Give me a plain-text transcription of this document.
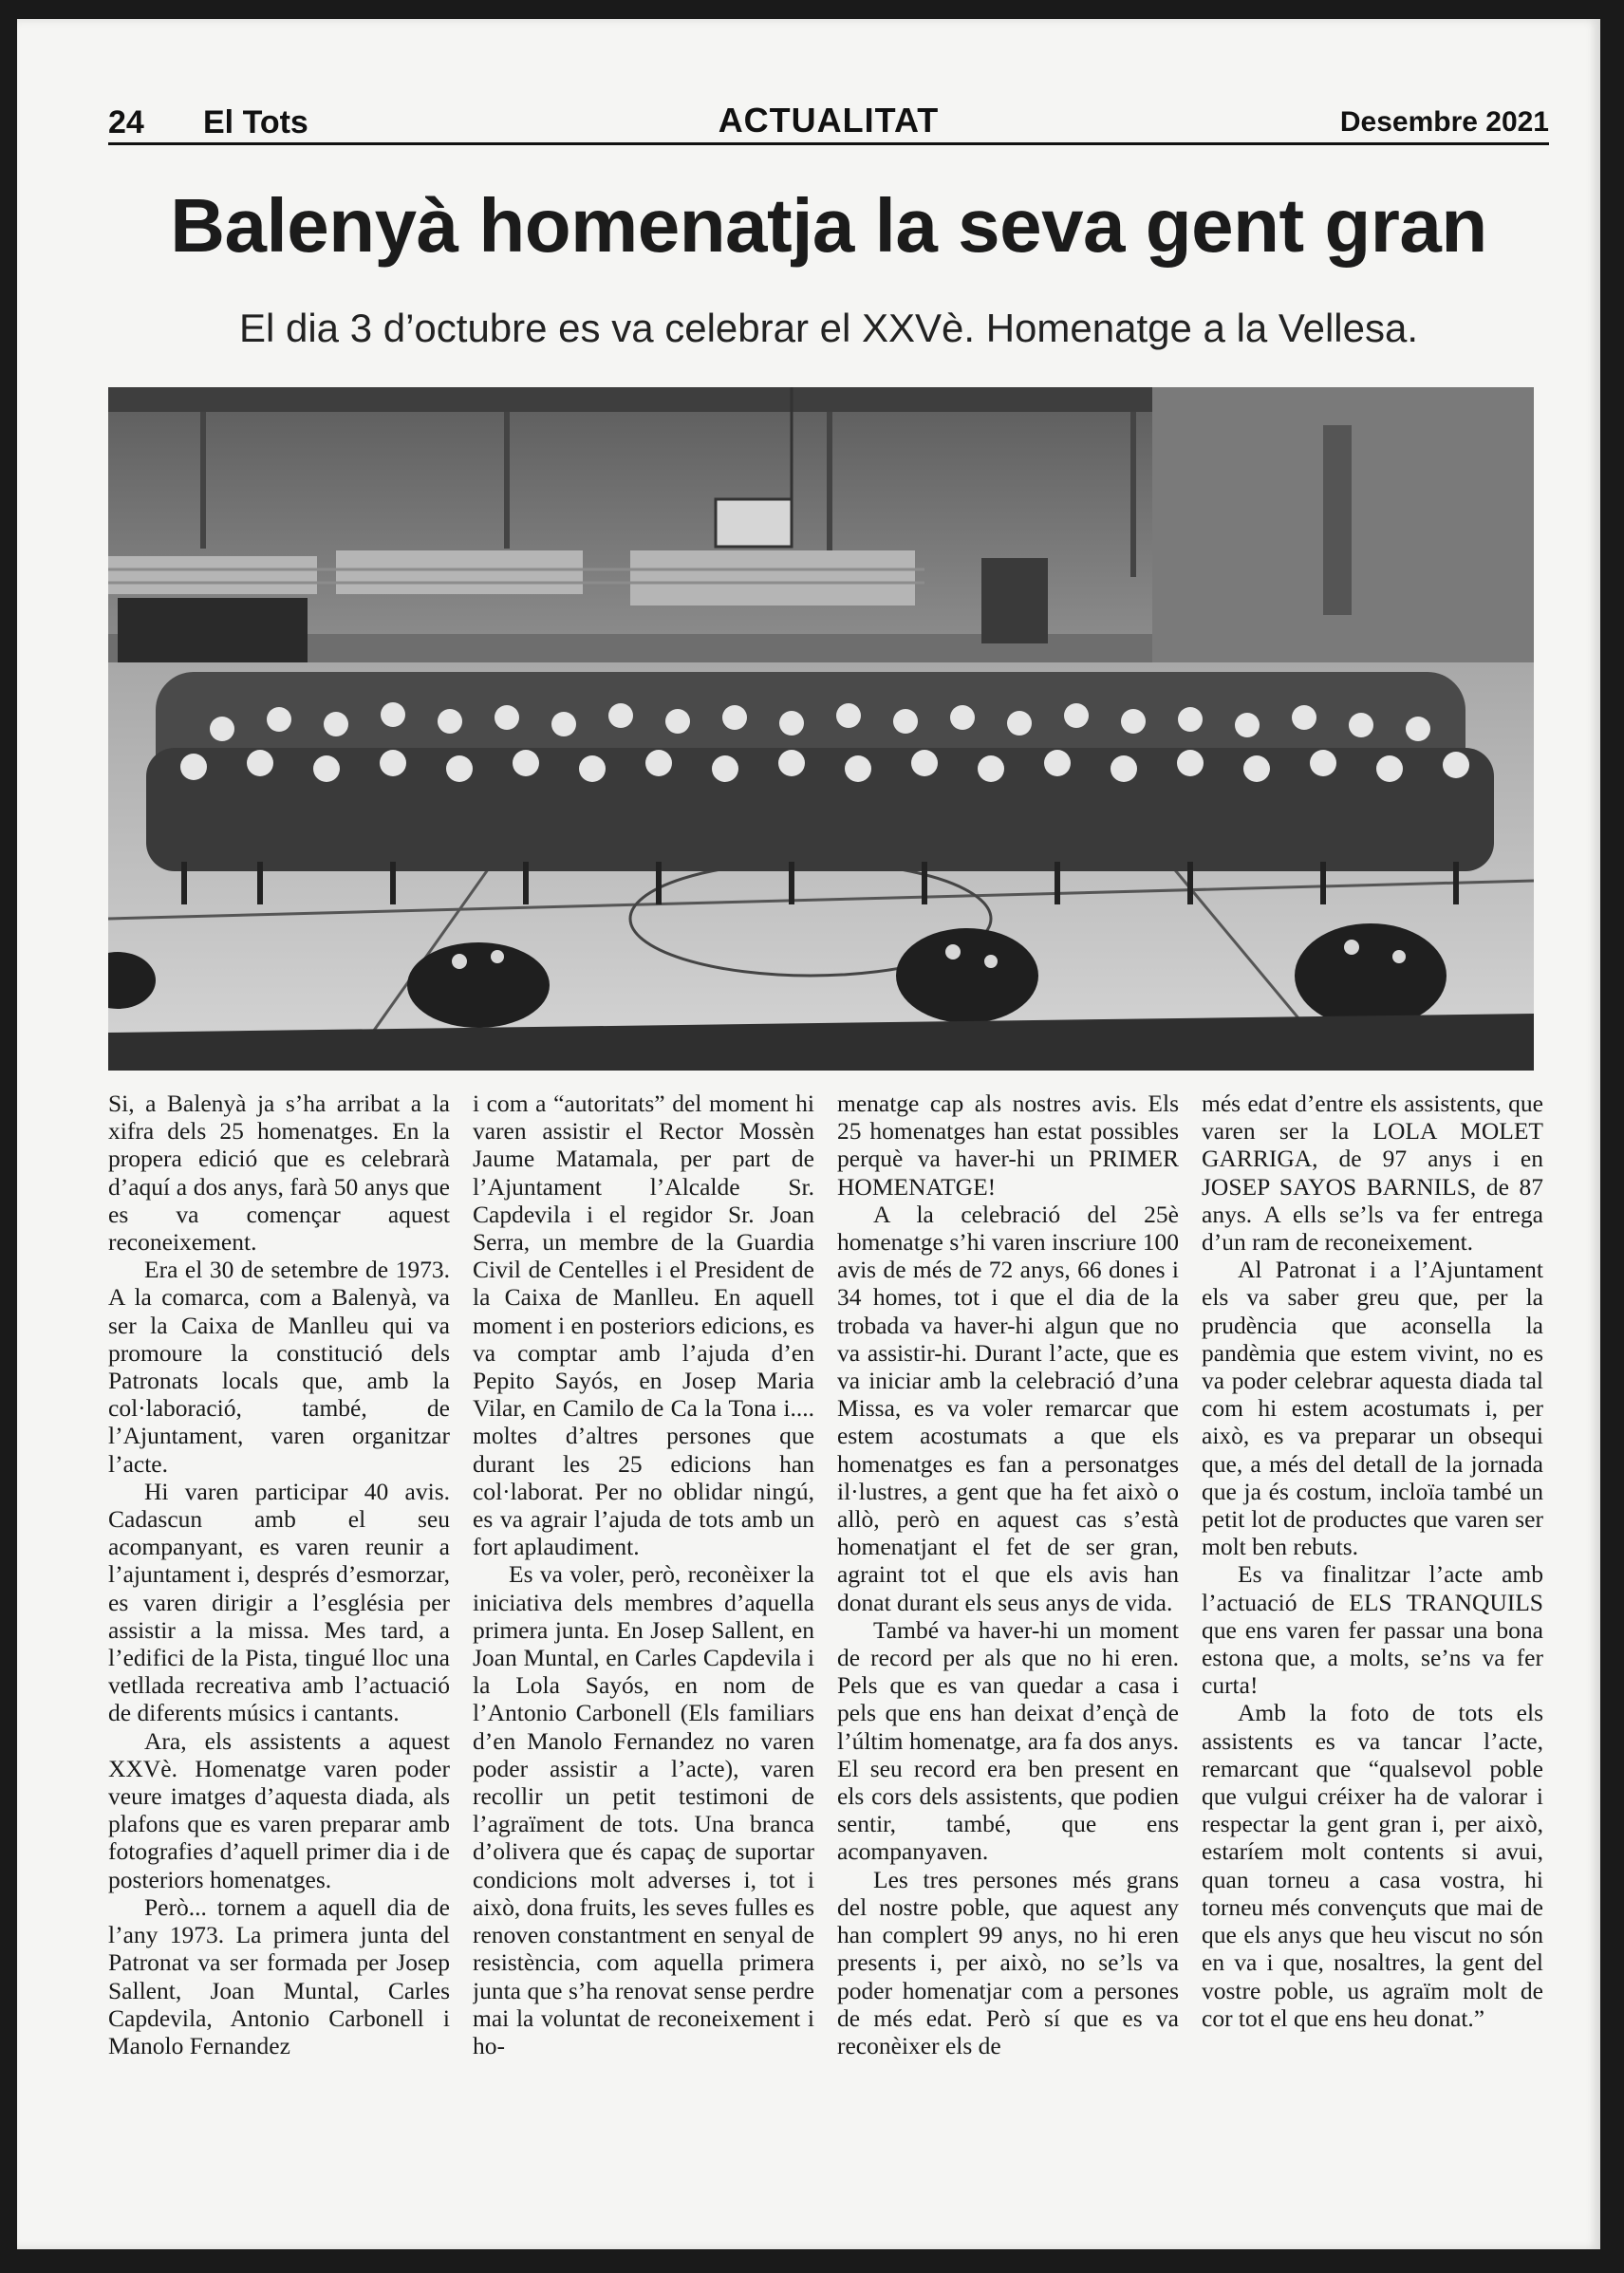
24 El Tots	ACTUALITAT	Desembre 2021
Balenyà homenatja la seva gent gran
El dia 3 d’octubre es va celebrar el XXVè. Homenatge a la Vellesa.

Si, a Balenyà ja s’ha arribat a la xifra dels 25 homenatges. En la propera edició que es celebrarà d’aquí a dos anys, farà 50 anys que es va començar aquest reconeixement.

Era el 30 de setembre de 1973. A la comarca, com a Balenyà, va ser la Caixa de Manlleu qui va promoure la constitució dels Patronats locals que, amb la col·laboració, també, de l’Ajuntament, varen organitzar l’acte.

Hi varen participar 40 avis. Cadascun amb el seu acompanyant, es varen reunir a l’ajuntament i, després d’esmorzar, es varen dirigir a l’església per assistir a la missa. Mes tard, a l’edifici de la Pista, tingué lloc una vetllada recreativa amb l’actuació de diferents músics i cantants.

Ara, els assistents a aquest XXVè. Homenatge varen poder veure imatges d’aquesta diada, als plafons que es varen preparar amb fotografies d’aquell primer dia i de posteriors homenatges.

Però... tornem a aquell dia de l’any 1973. La primera junta del Patronat va ser formada per Josep Sallent, Joan Muntal, Carles Capdevila, Antonio Carbonell i Manolo Fernandez

i com a “autoritats” del moment hi varen assistir el Rector Mossèn Jaume Matamala, per part de l’Ajuntament l’Alcalde Sr. Capdevila i el regidor Sr. Joan Serra, un membre de la Guardia Civil de Centelles i el President de la Caixa de Manlleu. En aquell moment i en posteriors edicions, es va comptar amb l’ajuda d’en Pepito Sayós, en Josep Maria Vilar, en Camilo de Ca la Tona i.... moltes d’altres persones que durant les 25 edicions han col·laborat. Per no oblidar ningú, es va agrair l’ajuda de tots amb un fort aplaudiment.

Es va voler, però, reconèixer la iniciativa dels membres d’aquella primera junta. En Josep Sallent, en Joan Muntal, en Carles Capdevila i la Lola Sayós, en nom de l’Antonio Carbonell (Els familiars d’en Manolo Fernandez no varen poder assistir a l’acte), varen recollir un petit testimoni de l’agraïment de tots. Una branca d’olivera que és capaç de suportar condicions molt adverses i, tot i això, dona fruits, les seves fulles es renoven constantment en senyal de resistència, com aquella primera junta que s’ha renovat sense perdre mai la voluntat de reconeixement i ho-

menatge cap als nostres avis. Els 25 homenatges han estat possibles perquè va haver-hi un PRIMER HOMENATGE!

A la celebració del 25è homenatge s’hi varen inscriure 100 avis de més de 72 anys, 66 dones i 34 homes, tot i que el dia de la trobada va haver-hi algun que no va assistir-hi. Durant l’acte, que es va iniciar amb la celebració d’una Missa, es va voler remarcar que estem acostumats a que els homenatges es fan a personatges il·lustres, a gent que ha fet això o allò, però en aquest cas s’està homenatjant el fet de ser gran, agraint tot el que els avis han donat durant els seus anys de vida.

També va haver-hi un moment de record per als que no hi eren. Pels que es van quedar a casa i pels que ens han deixat d’ençà de l’últim homenatge, ara fa dos anys. El seu record era ben present en els cors dels assistents, que podien sentir, també, que ens acompanyaven.

Les tres persones més grans del nostre poble, que aquest any han complert 99 anys, no hi eren presents i, per això, no se’ls va poder homenatjar com a persones de més edat. Però sí que es va reconèixer els de

més edat d’entre els assistents, que varen ser la LOLA MOLET GARRIGA, de 97 anys i en JOSEP SAYOS BARNILS, de 87 anys. A ells se’ls va fer entrega d’un ram de reconeixement.

Al Patronat i a l’Ajuntament els va saber greu que, per la prudència que aconsella la pandèmia que estem vivint, no es va poder celebrar aquesta diada tal com hi estem acostumats i, per això, es va preparar un obsequi que, a més del detall de la jornada que ja és costum, incloïa també un petit lot de productes que varen ser molt ben rebuts.

Es va finalitzar l’acte amb l’actuació de ELS TRANQUILS que ens varen fer passar una bona estona que, a molts, se’ns va fer curta!

Amb la foto de tots els assistents es va tancar l’acte, remarcant que “qualsevol poble que vulgui créixer ha de valorar i respectar la gent gran i, per això, estaríem molt contents si avui, quan torneu a casa vostra, hi torneu més convençuts que mai de que els anys que heu viscut no són en va i que, nosaltres, la gent del vostre poble, us agraïm molt de cor tot el que ens heu donat.”
